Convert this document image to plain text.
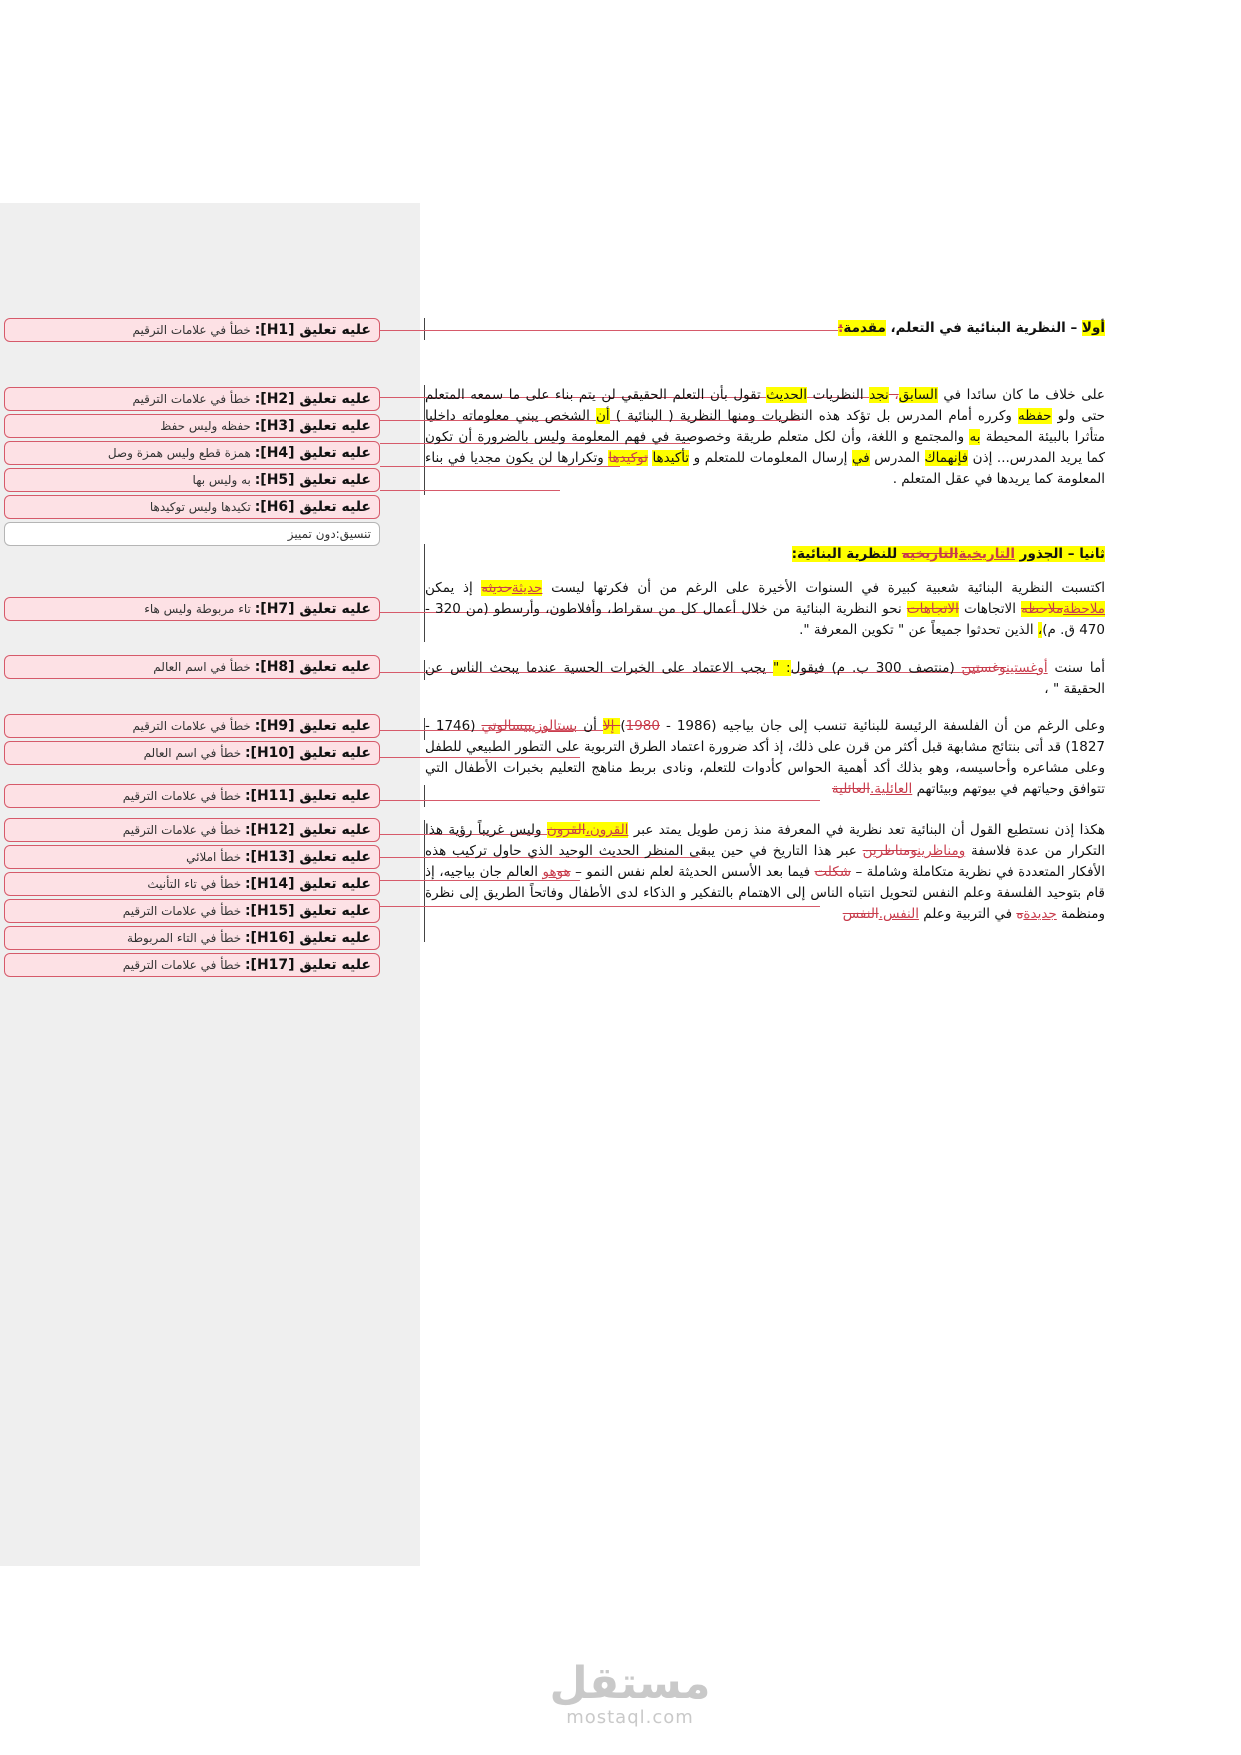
عليه تعليق [H1]: خطأ في علامات الترقيم
عليه تعليق [H2]: خطأ في علامات الترقيم
عليه تعليق [H3]: حفظه وليس حفظ
عليه تعليق [H4]: همزة قطع وليس همزة وصل
عليه تعليق [H5]: به وليس بها
عليه تعليق [H6]: تكيدها وليس توكيدها
تنسيق:دون تمييز
عليه تعليق [H7]: تاء مربوطة وليس هاء
عليه تعليق [H8]: خطأ في اسم العالم
عليه تعليق [H9]: خطأ في علامات الترقيم
عليه تعليق [H10]: خطأ في اسم العالم
عليه تعليق [H11]: خطأ في علامات الترقيم
عليه تعليق [H12]: خطأ في علامات الترقيم
عليه تعليق [H13]: خطأ املائي
عليه تعليق [H14]: خطأ في تاء التأنيث
عليه تعليق [H15]: خطأ في علامات الترقيم
عليه تعليق [H16]: خطأ في التاء المربوطة
عليه تعليق [H17]: خطأ في علامات الترقيم
أولا – النظرية البنائية في التعلم، مقدمة:
على خلاف ما كان سائدا في السابق، نجد النظريات الحديث تقول بأن التعلم الحقيقي لن يتم بناء على ما سمعه المتعلم حتى ولو حفظه وكرره أمام المدرس بل تؤكد هذه النظريات ومنها النظرية ( البنائية ) أن الشخص يبني معلوماته داخليا متأثرا بالبيئة المحيطة به والمجتمع و اللغة، وأن لكل متعلم طريقة وخصوصية في فهم المعلومة وليس بالضرورة أن تكون كما يريد المدرس... إذن فإنهماك المدرس في إرسال المعلومات للمتعلم و تأكيدها توكيدها وتكرارها لن يكون مجديا في بناء المعلومة كما يريدها في عقل المتعلم .
ثانيا – الجذور التاريخيةالتاريخيه للنظرية البنائية:
اكتسبت النظرية البنائية شعبية كبيرة في السنوات الأخيرة على الرغم من أن فكرتها ليست حديثةحديثه إذ يمكن ملاحظةملاحظه الاتجاهات الاتجاهات نحو النظرية البنائية من خلال أعمال كل من سقراط، وأفلاطون، وأرسطو (من 320 - 470 ق. م)، الذين تحدثوا جميعاً عن " تكوين المعرفة ".
أما سنت أوغستينوغستين (منتصف 300 ب. م) فيقول: " يجب الاعتماد على الخبرات الحسية عندما يبحث الناس عن الحقيقة " ،
وعلى الرغم من أن الفلسفة الرئيسة للبنائية تنسب إلى جان بياجيه (1986 - 1980) إلا أن بستالوزيبيسالوتي (1746 - 1827) قد أتى بنتائج مشابهة قبل أكثر من قرن على ذلك، إذ أكد ضرورة اعتماد الطرق التربوية على التطور الطبيعي للطفل وعلى مشاعره وأحاسيسه، وهو بذلك أكد أهمية الحواس كأدوات للتعلم، ونادى بربط مناهج التعليم بخبرات الأطفال التي تتوافق وحياتهم في بيوتهم وبيئاتهم العائلية.العائلية
هكذا إذن نستطيع القول أن البنائية تعد نظرية في المعرفة منذ زمن طويل يمتد عبر القرون،القرون وليس غريباً رؤية هذا التكرار من عدة فلاسفة ومناظرينومناظرين عبر هذا التاريخ في حين يبقى المنظر الحديث الوحيد الذي حاول تركيب هذه الأفكار المتعددة في نظرية متكاملة وشاملة – شكلت فيما بعد الأسس الحديثة لعلم نفس النمو – هوهو العالم جان بياجيه، إذ قام بتوحيد الفلسفة وعلم النفس لتحويل انتباه الناس إلى الاهتمام بالتفكير و الذكاء لدى الأطفال وفاتحاً الطريق إلى نظرة ومنظمة جديدةه في التربية وعلم النفس.النفس
مستقل
mostaql.com
